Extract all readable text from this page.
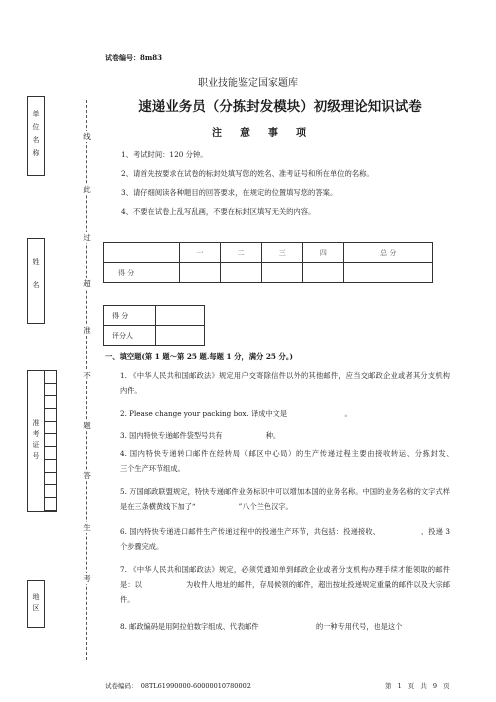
单位名称
姓名
准考证号
地区
线
此
过
超
准
不
题
答
生
考
试卷编号：8m83
职业技能鉴定国家题库
速递业务员（分拣封发模块）初级理论知识试卷
注意事项
1、考试时间：120 分钟。
2、请首先按要求在试卷的标封处填写您的姓名、准考证号和所在单位的名称。
3、请仔细阅读各种题目的回答要求，在规定的位置填写您的答案。
4、不要在试卷上乱写乱画，不要在标封区填写无关的内容。
	一	二	三	四	总 分
得 分					
得 分	
评分人	
一、填空题(第 1 题～第 25 题.每题 1 分，满分 25 分。)
1. 《中华人民共和国邮政法》规定用户交寄除信件以外的其他邮件，应当交邮政企业或者其分支机构　　　　　　内件。
2. Please change your packing box. 译成中文是　　　　　　　　。
3. 国内特快专递邮件袋型号共有　　　　　　种。
4. 国内特快专递转口邮件在经转局（邮区中心局）的生产传递过程主要由接收转运、分拣封发、　　　　　　三个生产环节组成。
5. 万国邮政联盟规定，特快专递邮件业务标识中可以增加本国的业务名称。中国的业务名称的文字式样是在三条横黄线下加了“　　　　　　”八个兰色汉字。
6. 国内特快专递进口邮件生产传递过程中的投递生产环节，共包括：投递接收、　　　　　　、投递 3 个步骤完成。
7. 《中华人民共和国邮政法》规定，必须凭通知单到邮政企业或者分支机构办理手续才能领取的邮件是：以　　　　　　为收件人地址的邮件，存局候领的邮件，超出按址投递规定重量的邮件以及大宗邮件。
8. 邮政编码是用阿拉伯数字组成、代表邮件　　　　　　　　的一种专用代号，也是这个
试卷编码：　08TL61990000-60000010780002	第 1 页 共 9 页
